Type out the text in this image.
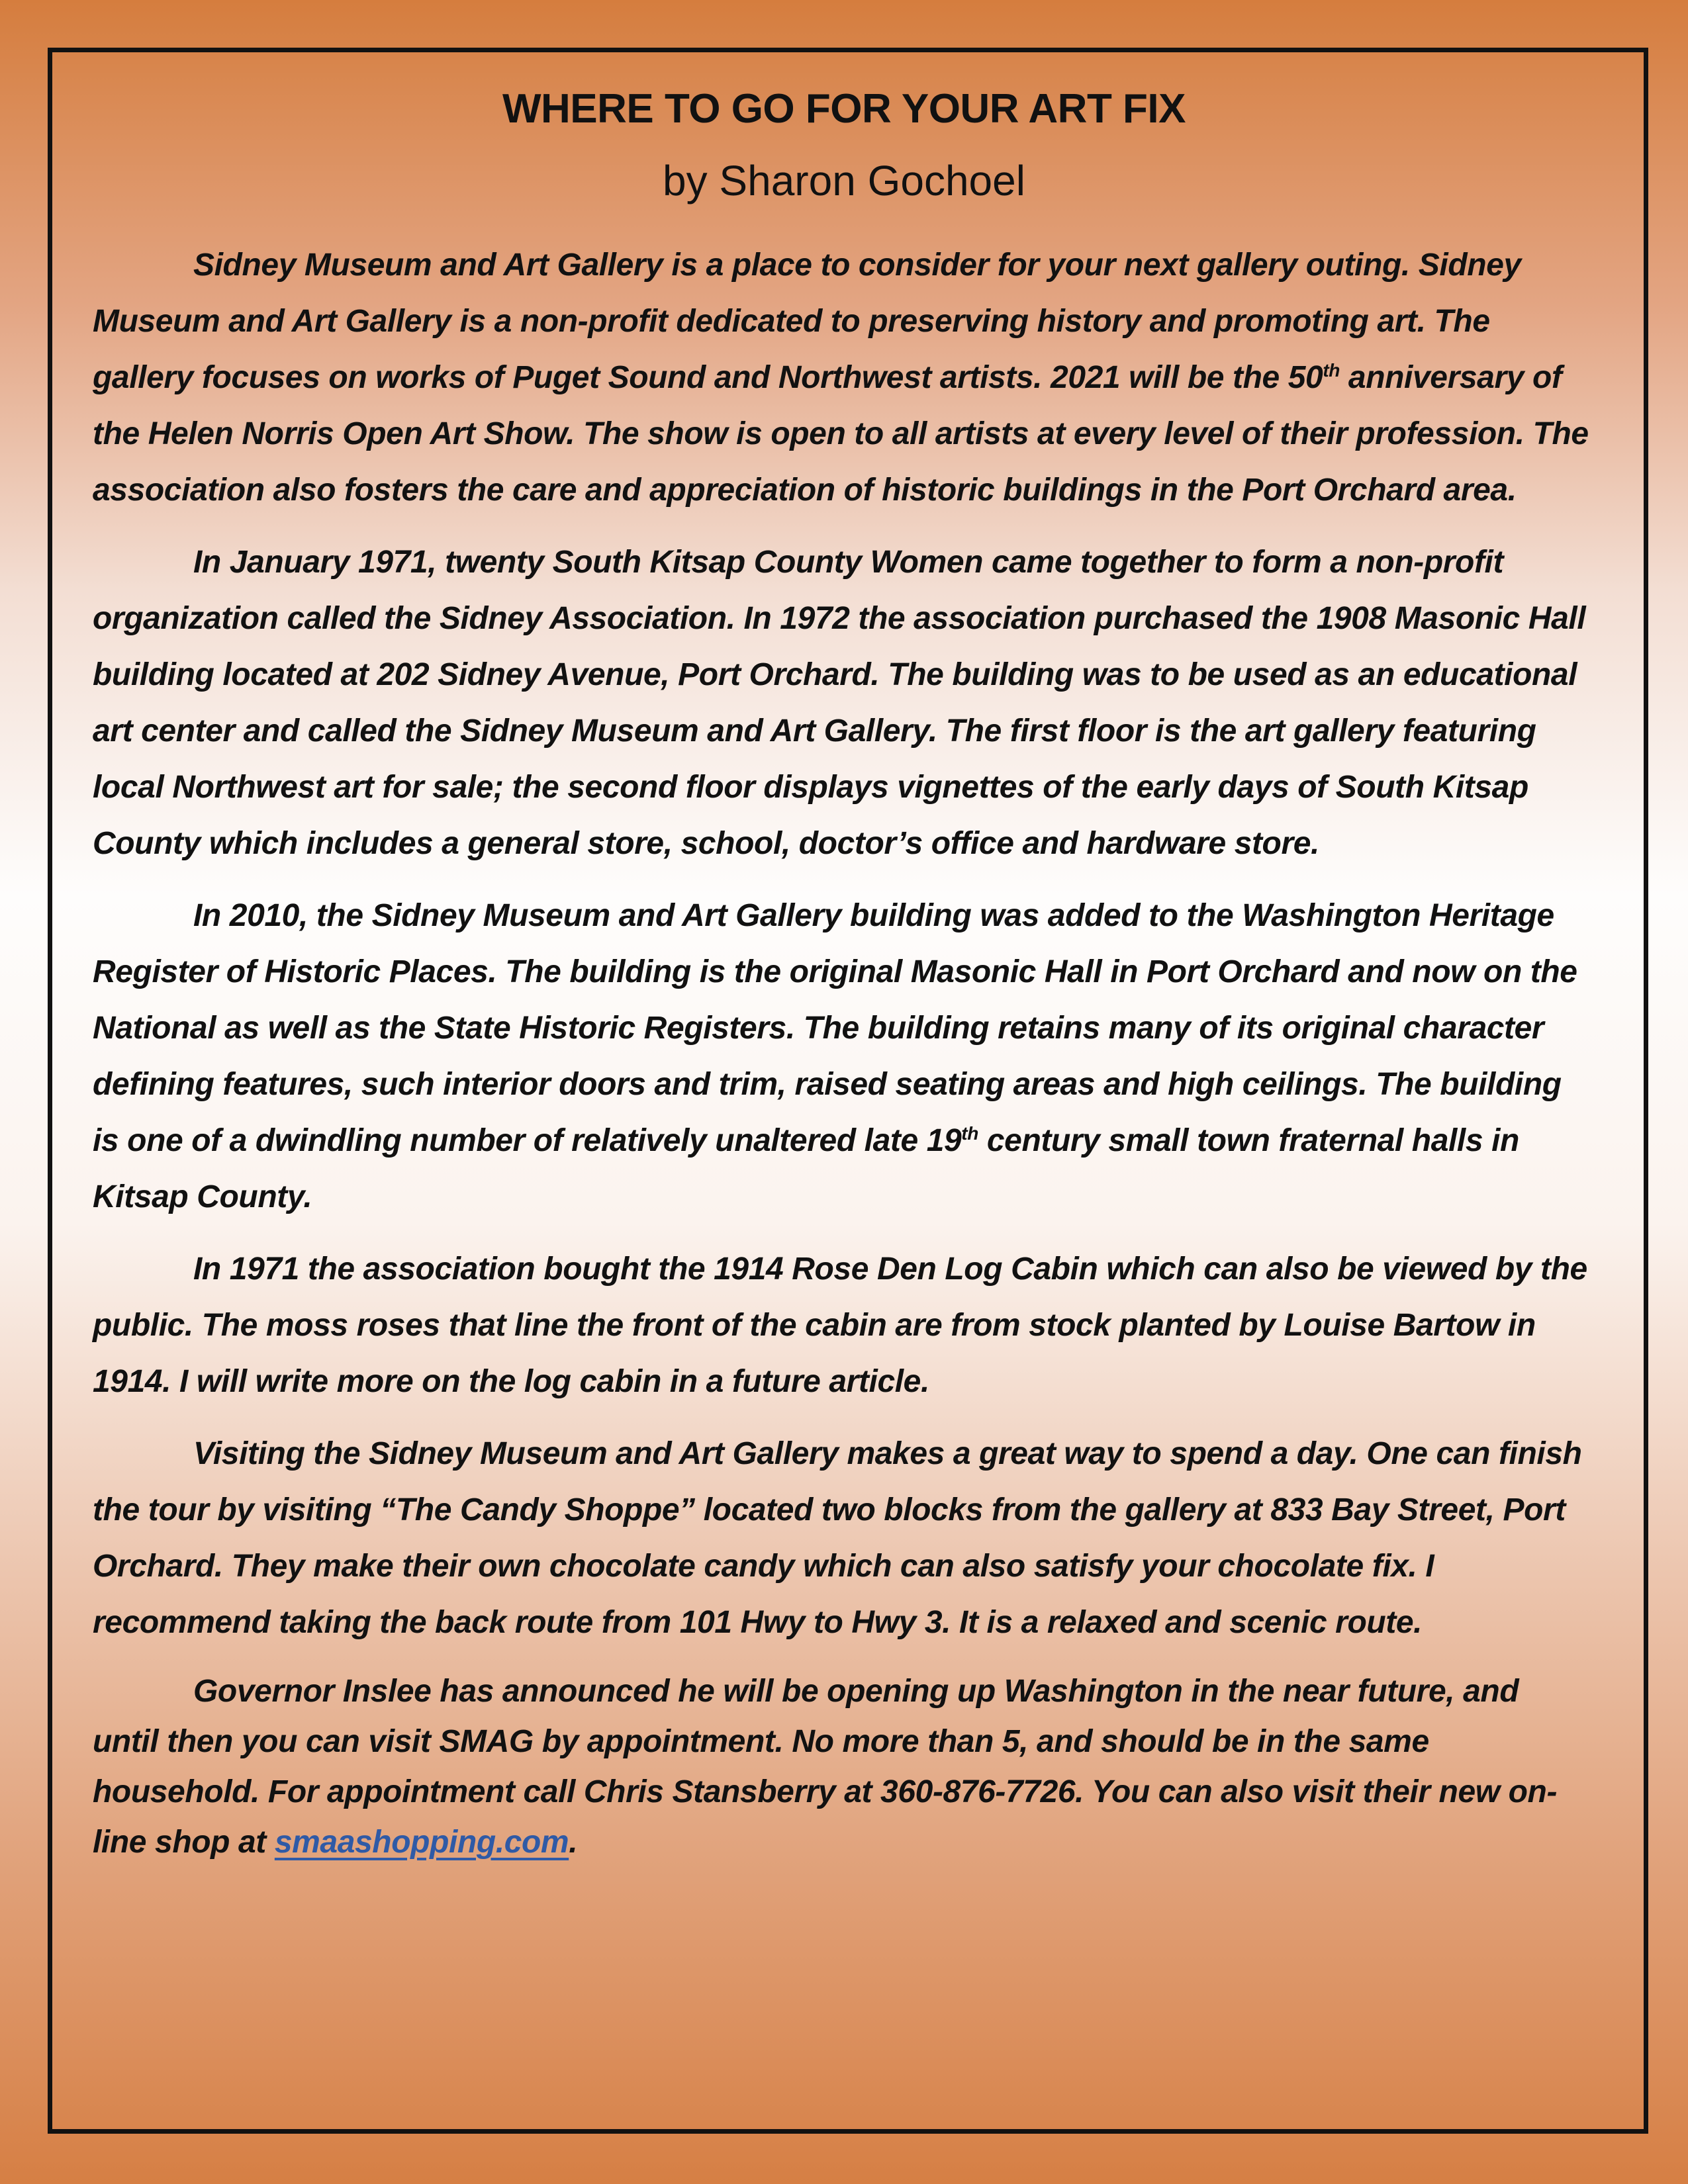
WHERE TO GO FOR YOUR ART FIX
by Sharon Gochoel

Sidney Museum and Art Gallery is a place to consider for your next gallery outing. Sidney Museum and Art Gallery is a non-profit dedicated to preserving history and promoting art. The gallery focuses on works of Puget Sound and Northwest artists. 2021 will be the 50th anniversary of the Helen Norris Open Art Show. The show is open to all artists at every level of their profession. The association also fosters the care and appreciation of historic buildings in the Port Orchard area.

In January 1971, twenty South Kitsap County Women came together to form a non-profit organization called the Sidney Association. In 1972 the association purchased the 1908 Masonic Hall building located at 202 Sidney Avenue, Port Orchard. The building was to be used as an educational art center and called the Sidney Museum and Art Gallery. The first floor is the art gallery featuring local Northwest art for sale; the second floor displays vignettes of the early days of South Kitsap County which includes a general store, school, doctor’s office and hardware store.

In 2010, the Sidney Museum and Art Gallery building was added to the Washington Heritage Register of Historic Places. The building is the original Masonic Hall in Port Orchard and now on the National as well as the State Historic Registers. The building retains many of its original character defining features, such interior doors and trim, raised seating areas and high ceilings. The building is one of a dwindling number of relatively unaltered late 19th century small town fraternal halls in Kitsap County.

In 1971 the association bought the 1914 Rose Den Log Cabin which can also be viewed by the public. The moss roses that line the front of the cabin are from stock planted by Louise Bartow in 1914. I will write more on the log cabin in a future article.

Visiting the Sidney Museum and Art Gallery makes a great way to spend a day. One can finish the tour by visiting “The Candy Shoppe” located two blocks from the gallery at 833 Bay Street, Port Orchard. They make their own chocolate candy which can also satisfy your chocolate fix. I recommend taking the back route from 101 Hwy to Hwy 3. It is a relaxed and scenic route.

Governor Inslee has announced he will be opening up Washington in the near future, and until then you can visit SMAG by appointment. No more than 5, and should be in the same household. For appointment call Chris Stansberry at 360-876-7726. You can also visit their new on-line shop at smaashopping.com.
